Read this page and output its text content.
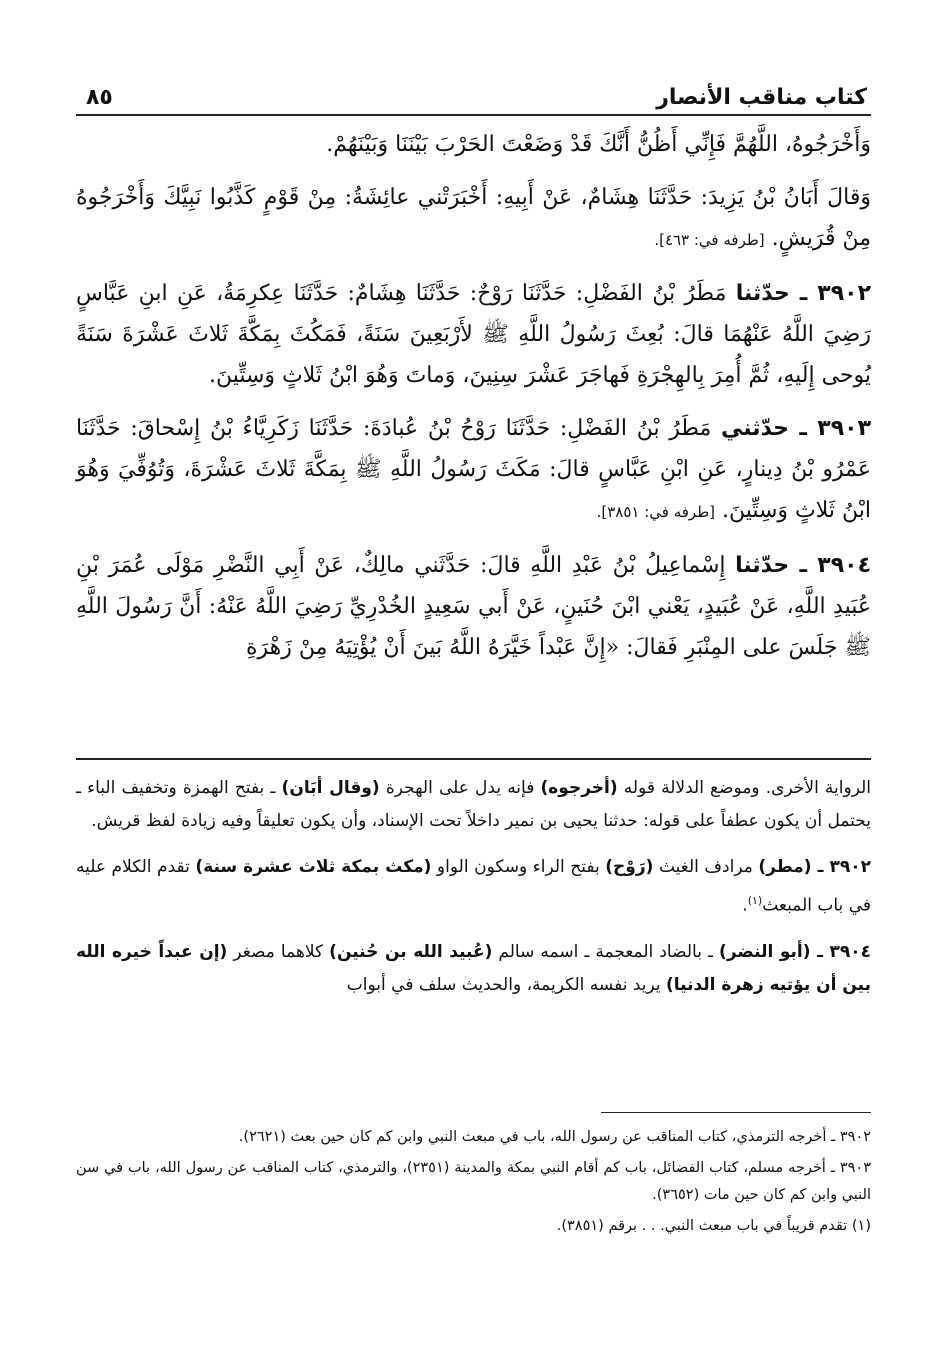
كتاب مناقب الأنصار
٨٥

وَأَخْرَجُوهُ، اللَّهُمَّ فَإِنِّي أَظُنُّ أَنَّكَ قَدْ وَضَعْتَ الحَرْبَ بَيْنَنَا وَبَيْنَهُمْ.

وَقالَ أَبَانُ بْنُ يَزِيدَ: حَدَّثَنَا هِشَامٌ، عَنْ أَبِيهِ: أَخْبَرَتْني عائِشَةُ: مِنْ قَوْمٍ كَذَّبُوا نَبِيَّكَ وَأَخْرَجُوهُ مِنْ قُرَيشٍ. [طرفه في: ٤٦٣].

٣٩٠٢ ـ حدّثنا مَطَرُ بْنُ الفَضْلِ: حَدَّثَنَا رَوْحٌ: حَدَّثَنَا هِشَامٌ: حَدَّثَنَا عِكرِمَةُ، عَنِ ابنِ عَبَّاسٍ رَضِيَ اللَّهُ عَنْهُمَا قالَ: بُعِثَ رَسُولُ اللَّهِ ﷺ لأَرْبَعِينَ سَنَةً، فَمَكُثَ بِمَكَّةَ ثَلاثَ عَشْرَةَ سَنَةً يُوحى إِلَيهِ، ثُمَّ أُمِرَ بِالهِجْرَةِ فَهاجَرَ عَشْرَ سِنِينَ، وَماتَ وَهُوَ ابْنُ ثَلاثٍ وَسِتِّينَ.

٣٩٠٣ ـ حدّثني مَطَرُ بْنُ الفَضْلِ: حَدَّثَنَا رَوْحُ بْنُ عُبادَةَ: حَدَّثَنَا زَكَرِيَّاءُ بْنُ إِسْحاقَ: حَدَّثَنَا عَمْرُو بْنُ دِينارٍ، عَنِ ابْنِ عَبَّاسٍ قالَ: مَكَثَ رَسُولُ اللَّهِ ﷺ بِمَكَّةَ ثَلاثَ عَشْرَةَ، وَتُوُفِّيَ وَهُوَ ابْنُ ثَلاثٍ وَسِتِّينَ. [طرفه في: ٣٨٥١].

٣٩٠٤ ـ حدّثنا إِسْماعِيلُ بْنُ عَبْدِ اللَّهِ قالَ: حَدَّثَني مالِكٌ، عَنْ أَبِي النَّضْرِ مَوْلَى عُمَرَ بْنِ عُبَيدِ اللَّهِ، عَنْ عُبَيدٍ، يَعْني ابْنَ حُنَينٍ، عَنْ أَبي سَعِيدٍ الخُدْرِيِّ رَضِيَ اللَّهُ عَنْهُ: أَنَّ رَسُولَ اللَّهِ ﷺ جَلَسَ على المِنْبَرِ فَقالَ: «إِنَّ عَبْداً خَيَّرَهُ اللَّهُ بَينَ أَنْ يُؤْتِيَهُ مِنْ زَهْرَةِ

الرواية الأخرى. وموضع الدلالة قوله (أخرجوه) فإنه يدل على الهجرة (وقال أبَان) ـ بفتح الهمزة وتخفيف الباء ـ يحتمل أن يكون عطفاً على قوله: حدثنا يحيى بن نمير داخلاً تحت الإسناد، وأن يكون تعليقاً وفيه زيادة لفظ قريش.

٣٩٠٢ ـ (مطر) مرادف الغيث (رَوْح) بفتح الراء وسكون الواو (مكث بمكة ثلاث عشرة سنة) تقدم الكلام عليه في باب المبعث$^{(١)}$.

٣٩٠٤ ـ (أبو النضر) ـ بالضاد المعجمة ـ اسمه سالم (عُبيد الله بن حُنين) كلاهما مصغر (إن عبداً خيره الله بين أن يؤتيه زهرة الدنيا) يريد نفسه الكريمة، والحديث سلف في أبواب

٣٩٠٢ ـ أخرجه الترمذي، كتاب المناقب عن رسول الله، باب في مبعث النبي وابن كم كان حين بعث (٢٦٢١).

٣٩٠٣ ـ أخرجه مسلم، كتاب الفضائل، باب كم أقام النبي بمكة والمدينة (٢٣٥١)، والترمذي، كتاب المناقب عن رسول الله، باب في سن النبي وابن كم كان حين مات (٣٦٥٢).

(١) تقدم قريباً في باب مبعث النبي. . . برقم (٣٨٥١).
